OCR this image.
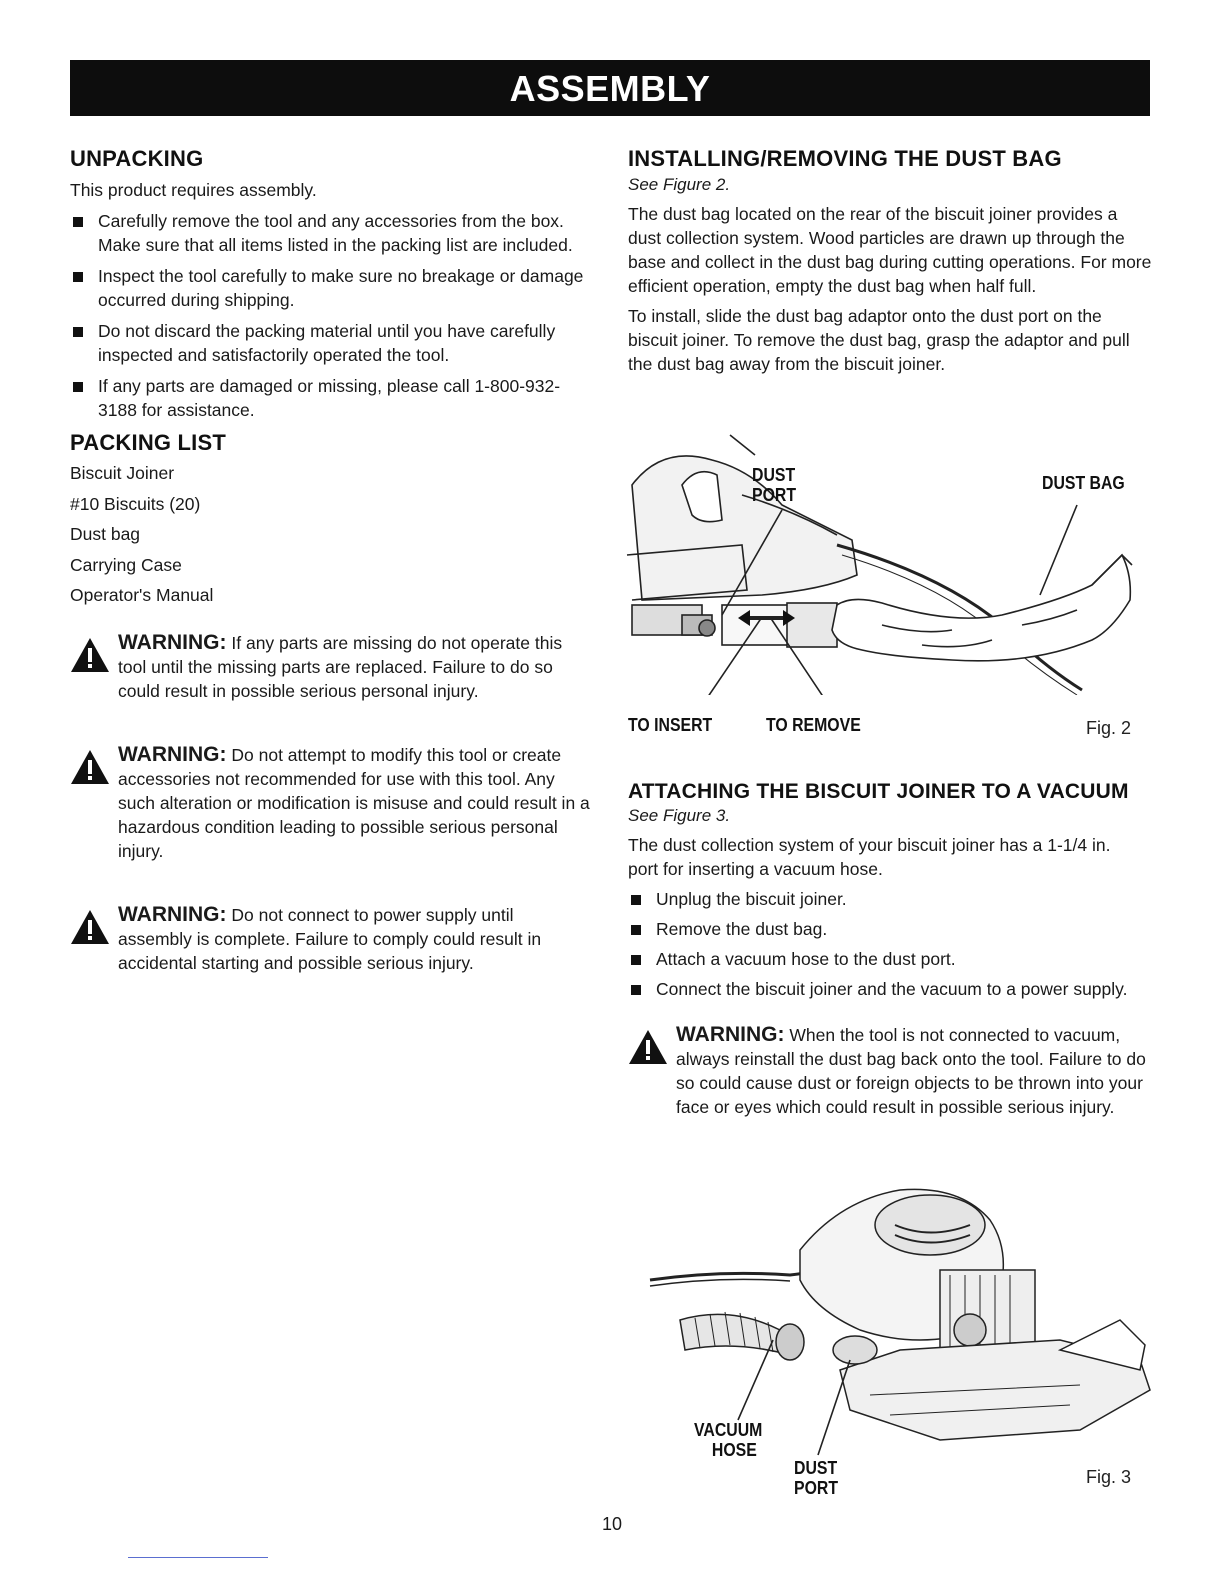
ASSEMBLY
UNPACKING

This product requires assembly.

Carefully remove the tool and any accessories from the box. Make sure that all items listed in the packing list are included.
Inspect the tool carefully to make sure no breakage or damage occurred during shipping.
Do not discard the packing material until you have carefully inspected and satisfactorily operated the tool.
If any parts are damaged or missing, please call 1-800-932-3188 for assistance.
PACKING LIST
Biscuit Joiner
#10 Biscuits (20)
Dust bag
Carrying Case
Operator's Manual
WARNING: If any parts are missing do not operate this tool until the missing parts are replaced. Failure to do so could result in possible serious personal injury.
WARNING: Do not attempt to modify this tool or create accessories not recommended for use with this tool. Any such alteration or modification is misuse and could result in a hazardous condition leading to possible serious personal injury.
WARNING: Do not connect to power supply until assembly is complete. Failure to comply could result in accidental starting and possible serious injury.
INSTALLING/REMOVING THE DUST BAG
See Figure 2.

The dust bag located on the rear of the biscuit joiner provides a dust collection system. Wood particles are drawn up through the base and collect in the dust bag during cutting operations. For more efficient operation, empty the dust bag when half full.

To install, slide the dust bag adaptor onto the dust port on the biscuit joiner. To remove the dust bag, grasp the adaptor and pull the dust bag away from the biscuit joiner.

DUST
PORT
DUST BAG
TO INSERT	TO REMOVE	Fig. 2
ATTACHING THE BISCUIT JOINER TO A VACUUM
See Figure 3.

The dust collection system of your biscuit joiner has a 1-1/4 in. port for inserting a vacuum hose.

Unplug the biscuit joiner.
Remove the dust bag.
Attach a vacuum hose to the dust port.
Connect the biscuit joiner and the vacuum to a power supply.
WARNING: When the tool is not connected to vacuum, always reinstall the dust bag back onto the tool. Failure to do so could cause dust or foreign objects to be thrown into your face or eyes which could result in possible serious injury.
VACUUM
HOSE
DUST
PORT
Fig. 3
10
